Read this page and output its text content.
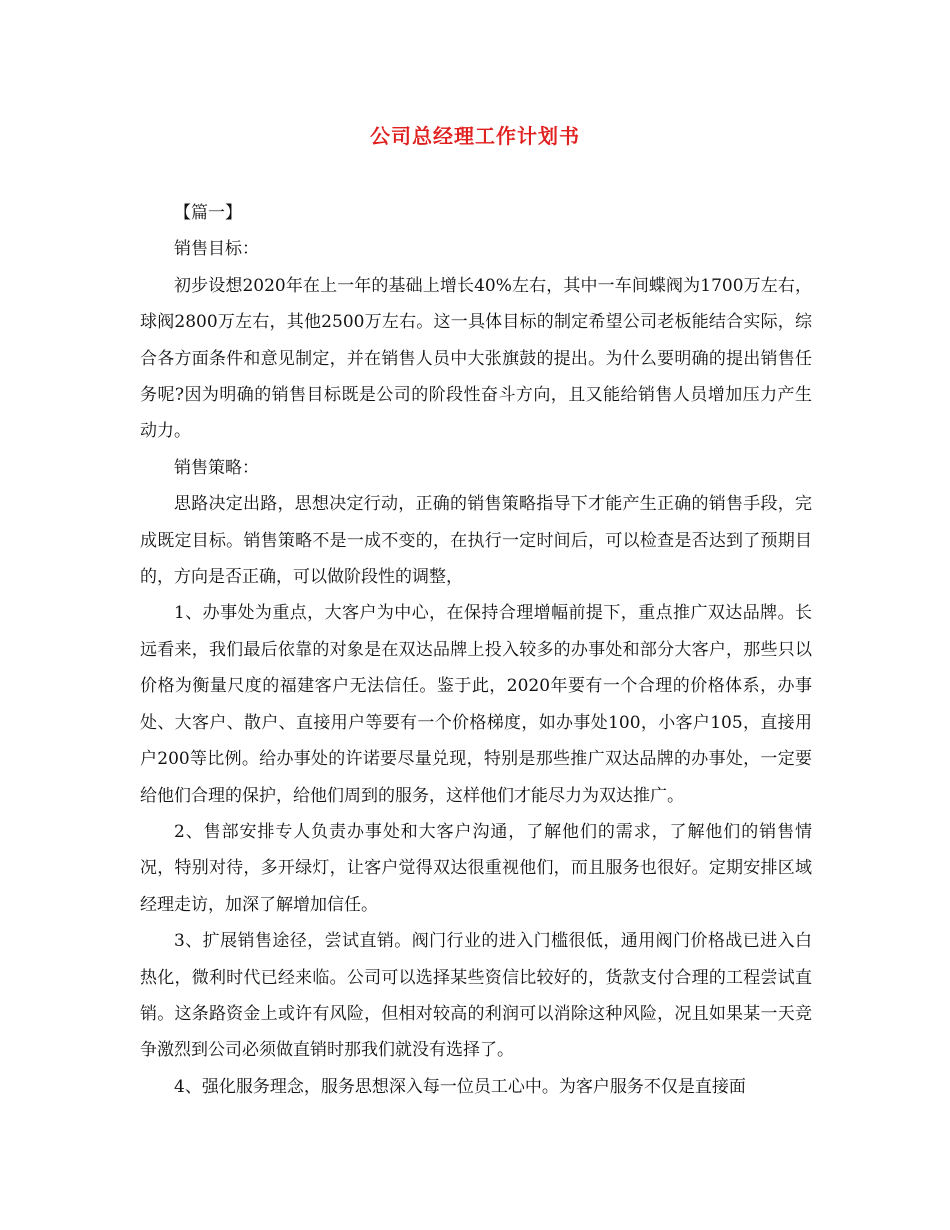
公司总经理工作计划书

【篇一】

销售目标：

初步设想2020年在上一年的基础上增长40%左右，其中一车间蝶阀为1700万左右，球阀2800万左右，其他2500万左右。这一具体目标的制定希望公司老板能结合实际，综合各方面条件和意见制定，并在销售人员中大张旗鼓的提出。为什么要明确的提出销售任务呢?因为明确的销售目标既是公司的阶段性奋斗方向，且又能给销售人员增加压力产生动力。

销售策略：

思路决定出路，思想决定行动，正确的销售策略指导下才能产生正确的销售手段，完成既定目标。销售策略不是一成不变的，在执行一定时间后，可以检查是否达到了预期目的，方向是否正确，可以做阶段性的调整，

1、办事处为重点，大客户为中心，在保持合理增幅前提下，重点推广双达品牌。长远看来，我们最后依靠的对象是在双达品牌上投入较多的办事处和部分大客户，那些只以价格为衡量尺度的福建客户无法信任。鉴于此，2020年要有一个合理的价格体系，办事处、大客户、散户、直接用户等要有一个价格梯度，如办事处100，小客户105，直接用户200等比例。给办事处的许诺要尽量兑现，特别是那些推广双达品牌的办事处，一定要给他们合理的保护，给他们周到的服务，这样他们才能尽力为双达推广。

2、售部安排专人负责办事处和大客户沟通，了解他们的需求，了解他们的销售情况，特别对待，多开绿灯，让客户觉得双达很重视他们，而且服务也很好。定期安排区域经理走访，加深了解增加信任。

3、扩展销售途径，尝试直销。阀门行业的进入门槛很低，通用阀门价格战已进入白热化，微利时代已经来临。公司可以选择某些资信比较好的，货款支付合理的工程尝试直销。这条路资金上或许有风险，但相对较高的利润可以消除这种风险，况且如果某一天竞争激烈到公司必须做直销时那我们就没有选择了。

4、强化服务理念，服务思想深入每一位员工心中。为客户服务不仅是直接面
